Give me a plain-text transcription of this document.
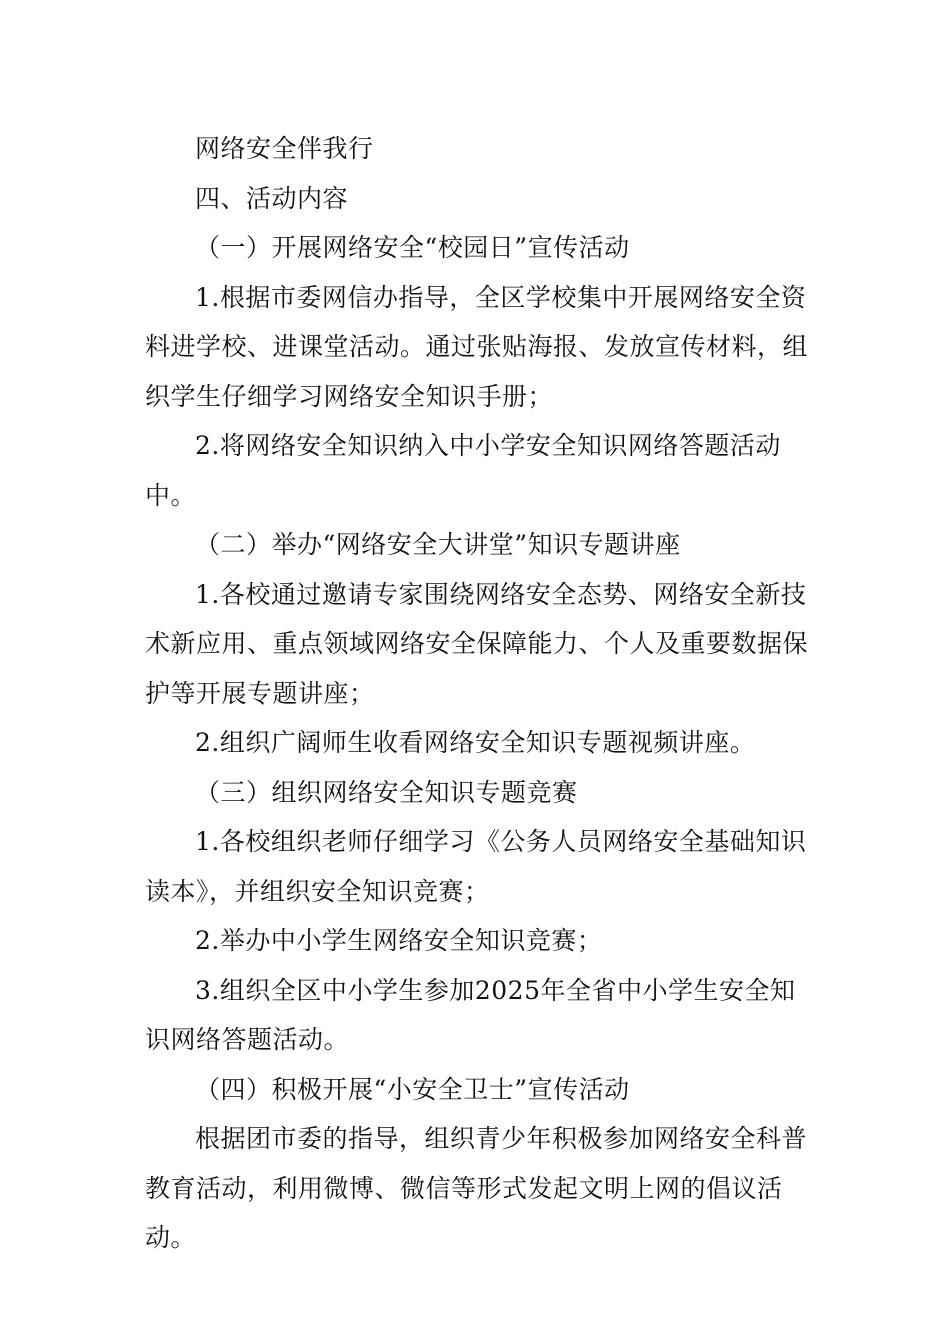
网络安全伴我行

四、活动内容

（一）开展网络安全“校园日”宣传活动

1.根据市委网信办指导，全区学校集中开展网络安全资料进学校、进课堂活动。通过张贴海报、发放宣传材料，组织学生仔细学习网络安全知识手册；

2.将网络安全知识纳入中小学安全知识网络答题活动中。

（二）举办“网络安全大讲堂”知识专题讲座

1.各校通过邀请专家围绕网络安全态势、网络安全新技术新应用、重点领域网络安全保障能力、个人及重要数据保护等开展专题讲座；

2.组织广阔师生收看网络安全知识专题视频讲座。

（三）组织网络安全知识专题竞赛

1.各校组织老师仔细学习《公务人员网络安全基础知识读本》，并组织安全知识竞赛；

2.举办中小学生网络安全知识竞赛；

3.组织全区中小学生参加2025年全省中小学生安全知识网络答题活动。

（四）积极开展“小安全卫士”宣传活动

根据团市委的指导，组织青少年积极参加网络安全科普教育活动，利用微博、微信等形式发起文明上网的倡议活动。
